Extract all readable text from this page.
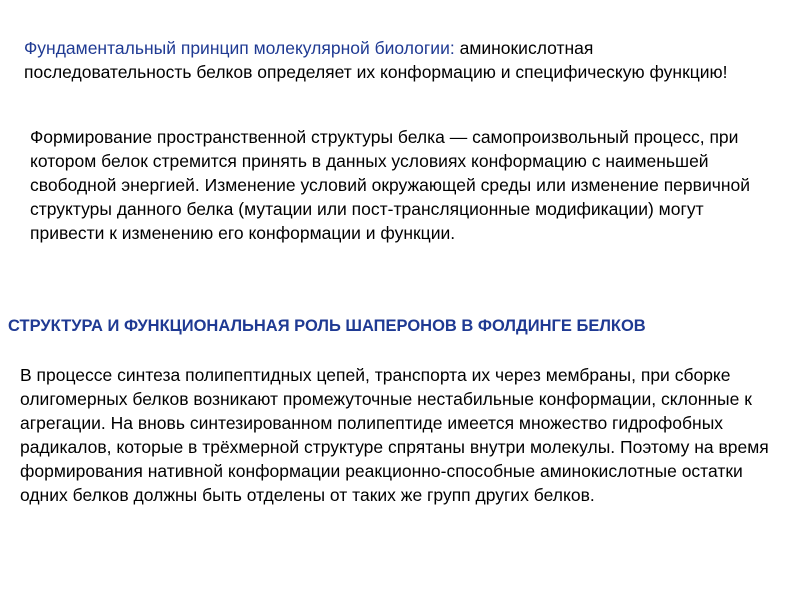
Фундаментальный принцип молекулярной биологии: аминокислотная последовательность белков определяет их конформацию и специфическую функцию!

Формирование пространственной структуры белка — самопроизвольный процесс, при котором белок стремится принять в данных условиях конформацию с наименьшей свободной энергией. Изменение условий окружающей среды или изменение первичной структуры данного белка (мутации или пост-трансляционные модификации) могут привести к изменению его конформации и функции.

СТРУКТУРА И ФУНКЦИОНАЛЬНАЯ РОЛЬ ШАПЕРОНОВ В ФОЛДИНГЕ БЕЛКОВ

В процессе синтеза полипептидных цепей, транспорта их через мембраны, при сборке олигомерных белков возникают промежуточные нестабильные конформации, склонные к агрегации. На вновь синтезированном полипептиде имеется множество гидрофобных радикалов, которые в трёхмерной структуре спрятаны внутри молекулы. Поэтому на время формирования нативной конформации реакционно-способные аминокислотные остатки одних белков должны быть отделены от таких же групп других белков.
